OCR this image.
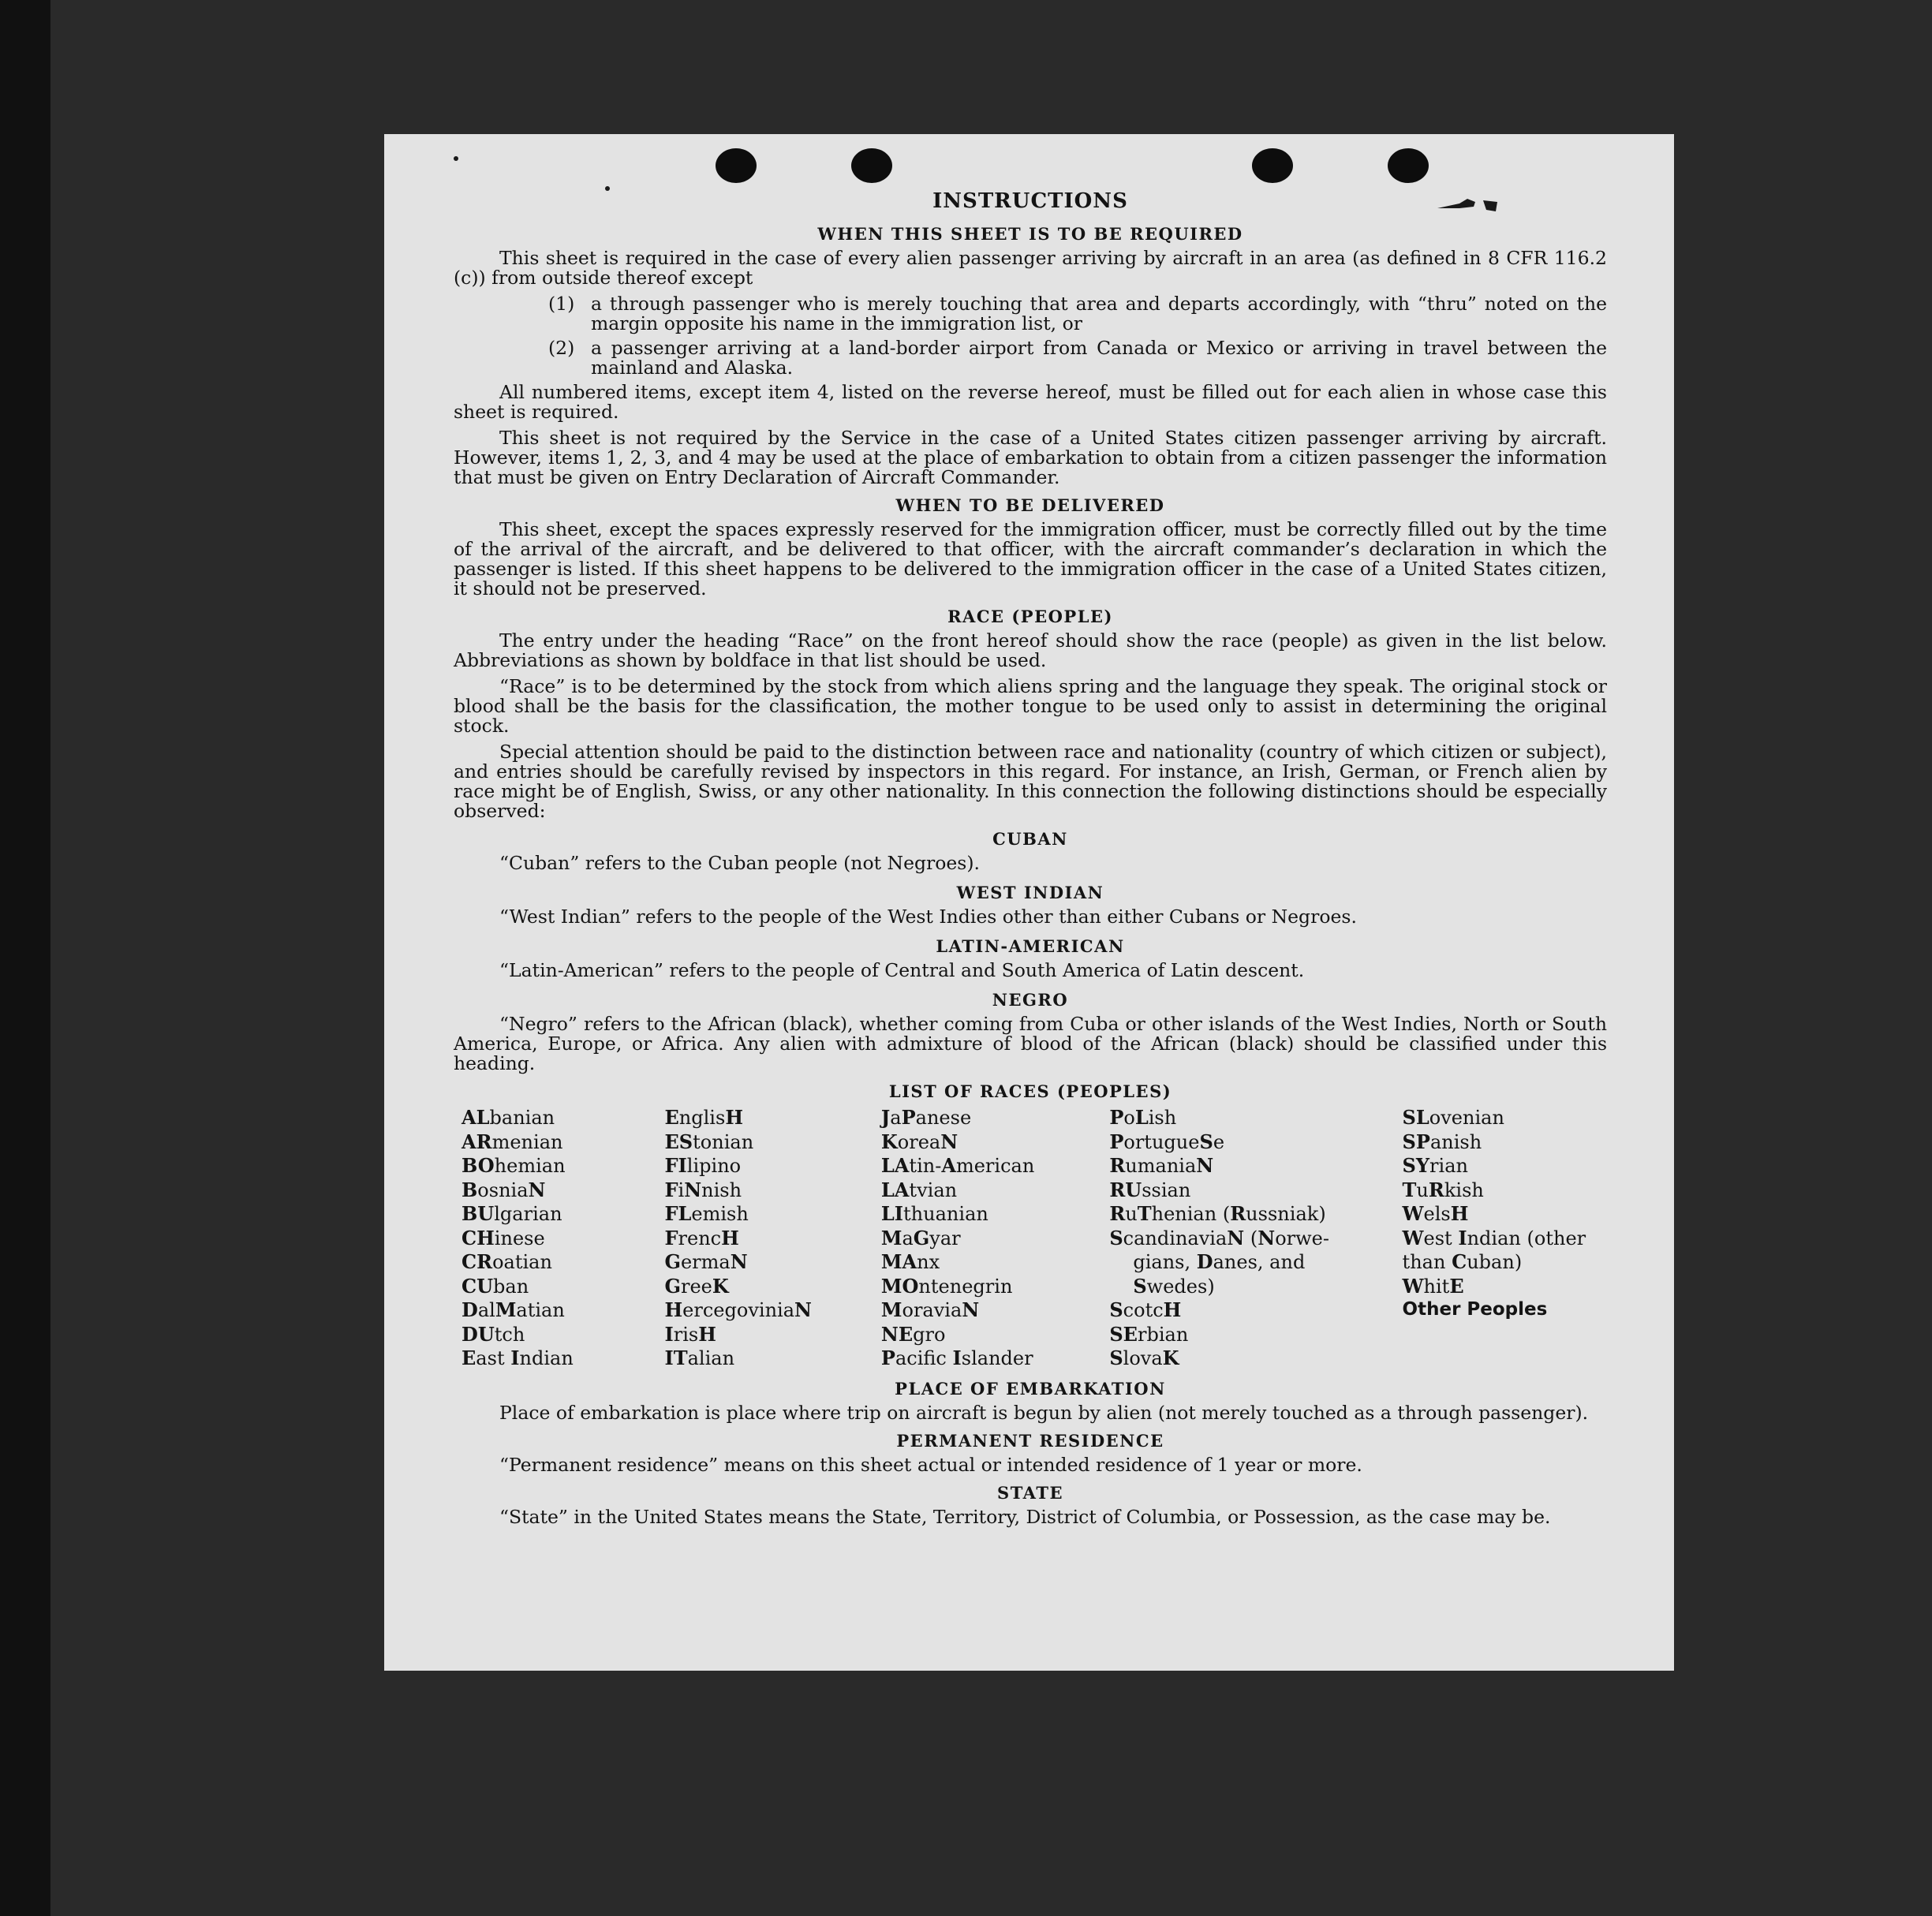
INSTRUCTIONS
WHEN THIS SHEET IS TO BE REQUIRED

This sheet is required in the case of every alien passenger arriving by aircraft in an area (as defined in 8 CFR 116.2 (c)) from outside thereof except

(1) a through passenger who is merely touching that area and departs accordingly, with “thru” noted on the margin opposite his name in the immigration list, or
(2) a passenger arriving at a land-border airport from Canada or Mexico or arriving in travel between the mainland and Alaska.

All numbered items, except item 4, listed on the reverse hereof, must be filled out for each alien in whose case this sheet is required.

This sheet is not required by the Service in the case of a United States citizen passenger arriving by aircraft. However, items 1, 2, 3, and 4 may be used at the place of embarkation to obtain from a citizen passenger the information that must be given on Entry Declaration of Aircraft Commander.

WHEN TO BE DELIVERED

This sheet, except the spaces expressly reserved for the immigration officer, must be correctly filled out by the time of the arrival of the aircraft, and be delivered to that officer, with the aircraft commander’s declaration in which the passenger is listed. If this sheet happens to be delivered to the immigration officer in the case of a United States citizen, it should not be preserved.

RACE (PEOPLE)

The entry under the heading “Race” on the front hereof should show the race (people) as given in the list below. Abbreviations as shown by boldface in that list should be used.

“Race” is to be determined by the stock from which aliens spring and the language they speak. The original stock or blood shall be the basis for the classification, the mother tongue to be used only to assist in determining the original stock.

Special attention should be paid to the distinction between race and nationality (country of which citizen or subject), and entries should be carefully revised by inspectors in this regard. For instance, an Irish, German, or French alien by race might be of English, Swiss, or any other nationality. In this connection the following distinctions should be especially observed:

CUBAN

“Cuban” refers to the Cuban people (not Negroes).

WEST INDIAN

“West Indian” refers to the people of the West Indies other than either Cubans or Negroes.

LATIN-AMERICAN

“Latin-American” refers to the people of Central and South America of Latin descent.

NEGRO

“Negro” refers to the African (black), whether coming from Cuba or other islands of the West Indies, North or South America, Europe, or Africa. Any alien with admixture of blood of the African (black) should be classified under this heading.

LIST OF RACES (PEOPLES)
ALbanian
ARmenian
BOhemian
BosniaN
BUlgarian
CHinese
CRoatian
CUban
DalMatian
DUtch
East Indian
EnglisH
EStonian
FIlipino
FiNnish
FLemish
FrencH
GermaN
GreeK
HercegoviniaN
IrisH
ITalian
JaPanese
KoreaN
LAtin-American
LAtvian
LIthuanian
MaGyar
MAnx
MOntenegrin
MoraviaN
NEgro
Pacifc Islander
PoLish
PortugueSe
RumaniaN
RUssian
RuThenian (Russniak)
ScandinaviaN (Norwe-
gians, Danes, and
Swedes)
ScotcH
SErbian
SlovaK
SLovenian
SPanish
SYrian
TuRkish
WelsH
West Indian (other
than Cuban)
WhitE
Other Peoples
PLACE OF EMBARKATION

Place of embarkation is place where trip on aircraft is begun by alien (not merely touched as a through passenger).

PERMANENT RESIDENCE

“Permanent residence” means on this sheet actual or intended residence of 1 year or more.

STATE

“State” in the United States means the State, Territory, District of Columbia, or Possession, as the case may be.
